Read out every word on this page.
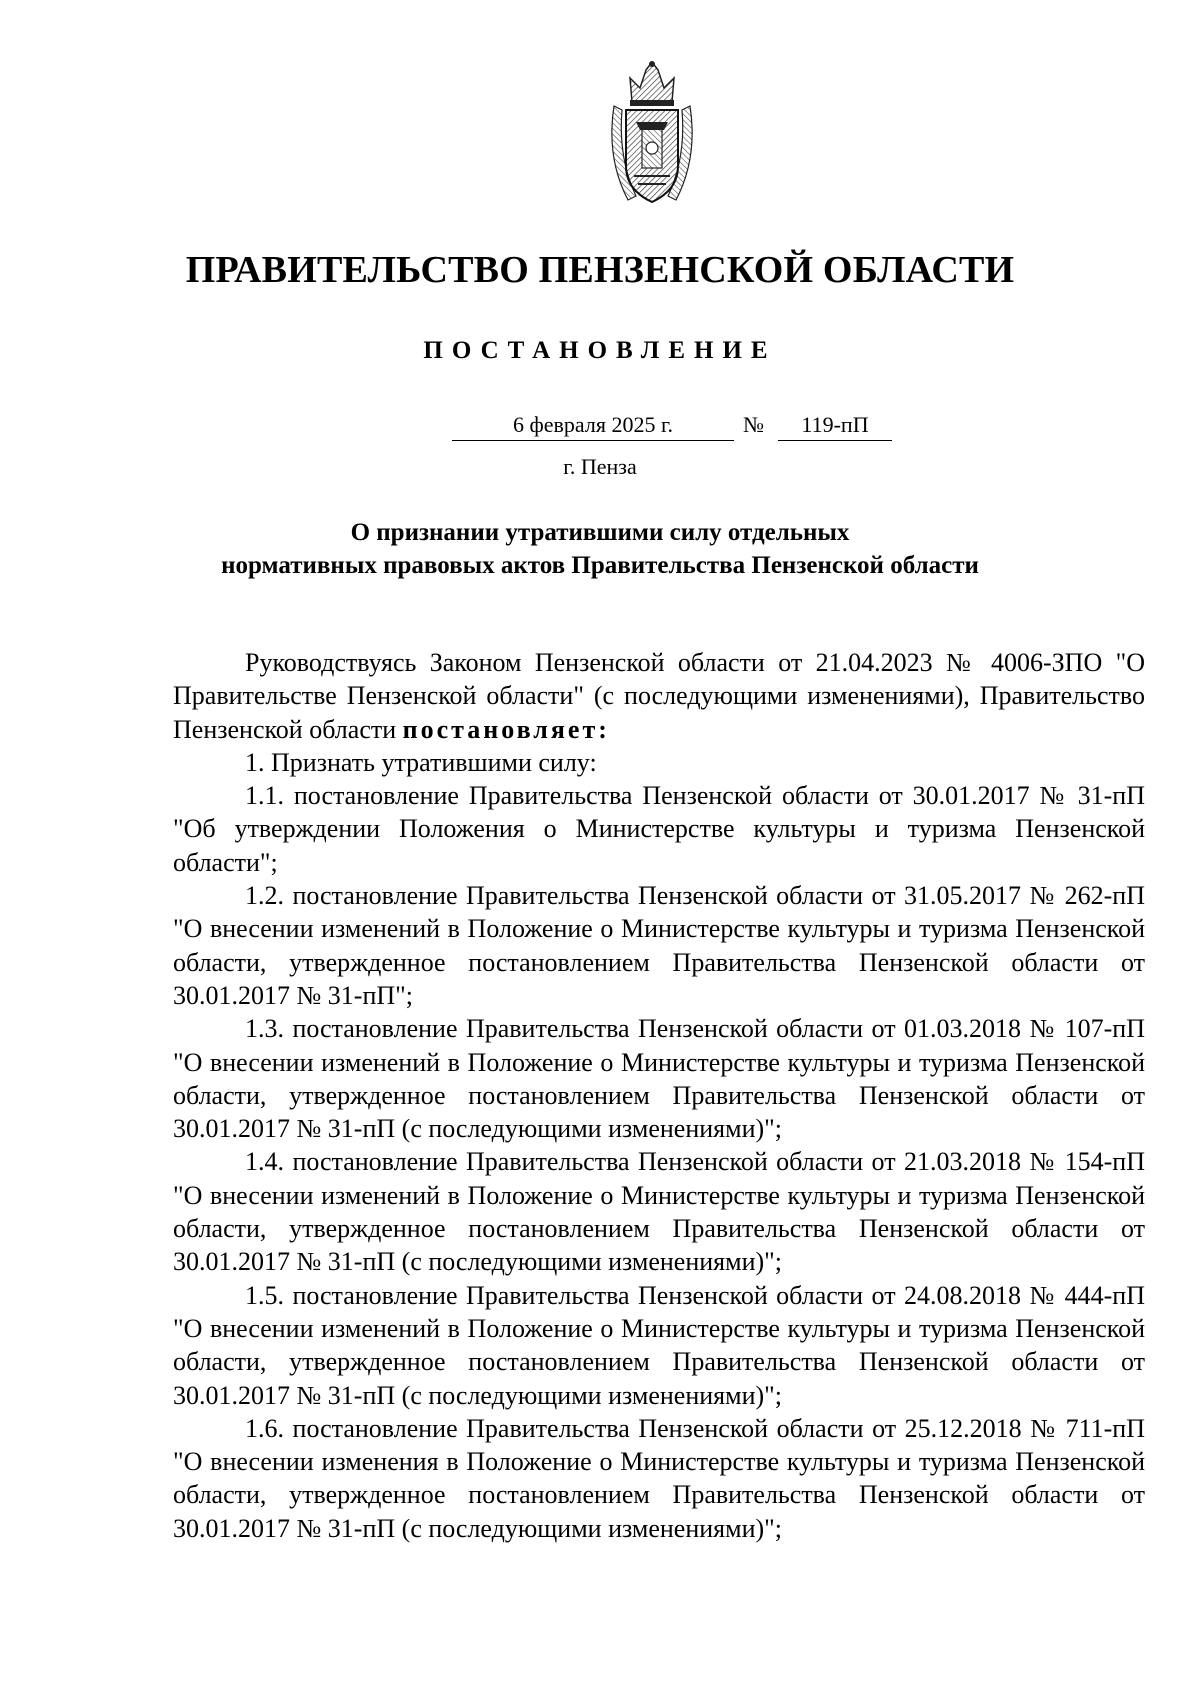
ПРАВИТЕЛЬСТВО ПЕНЗЕНСКОЙ ОБЛАСТИ
ПОСТАНОВЛЕНИЕ
6 февраля 2025 г.	№	119-пП
г. Пенза
О признании утратившими силу отдельных
нормативных правовых актов Правительства Пензенской области

Руководствуясь Законом Пензенской области от 21.04.2023 № 4006-ЗПО "О Правительстве Пензенской области" (с последующими изменениями), Правительство Пензенской области постановляет:

1. Признать утратившими силу:

1.1. постановление Правительства Пензенской области от 30.01.2017 № 31-пП "Об утверждении Положения о Министерстве культуры и туризма Пензенской области";

1.2. постановление Правительства Пензенской области от 31.05.2017 № 262-пП "О внесении изменений в Положение о Министерстве культуры и туризма Пензенской области, утвержденное постановлением Правительства Пензенской области от 30.01.2017 № 31-пП";

1.3. постановление Правительства Пензенской области от 01.03.2018 № 107-пП "О внесении изменений в Положение о Министерстве культуры и туризма Пензенской области, утвержденное постановлением Правительства Пензенской области от 30.01.2017 № 31-пП (с последующими изменениями)";

1.4. постановление Правительства Пензенской области от 21.03.2018 № 154-пП "О внесении изменений в Положение о Министерстве культуры и туризма Пензенской области, утвержденное постановлением Правительства Пензенской области от 30.01.2017 № 31-пП (с последующими изменениями)";

1.5. постановление Правительства Пензенской области от 24.08.2018 № 444-пП "О внесении изменений в Положение о Министерстве культуры и туризма Пензенской области, утвержденное постановлением Правительства Пензенской области от 30.01.2017 № 31-пП (с последующими изменениями)";

1.6. постановление Правительства Пензенской области от 25.12.2018 № 711-пП "О внесении изменения в Положение о Министерстве культуры и туризма Пензенской области, утвержденное постановлением Правительства Пензенской области от 30.01.2017 № 31-пП (с последующими изменениями)";
